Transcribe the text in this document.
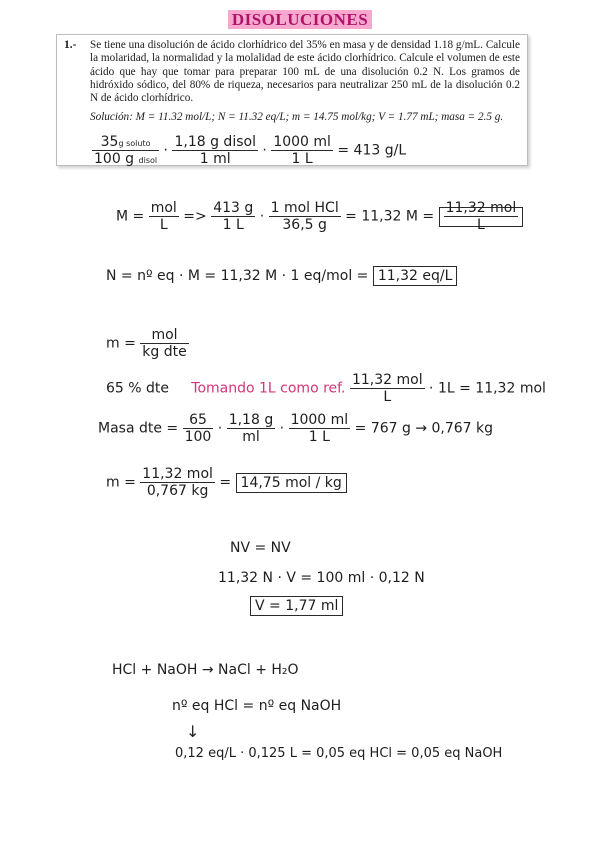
DISOLUCIONES
1.- Se tiene una disolución de ácido clorhídrico del 35% en masa y de densidad 1.18 g/mL. Calcule la molaridad, la normalidad y la molalidad de este ácido clorhídrico. Calcule el volumen de este ácido que hay que tomar para preparar 100 mL de una disolución 0.2 N. Los gramos de hidróxido sódico, del 80% de riqueza, necesarios para neutralizar 250 mL de la disolución 0.2 N de ácido clorhídrico.
Solución: M = 11.32 mol/L; N = 11.32 eq/L; m = 14.75 mol/kg; V = 1.77 mL; masa = 2.5 g.
$\frac{\text{35g soluto}}{\text{100 g disol}} \cdot \frac{\text{1,18 g disol}}{1 ml} \cdot \frac{1000 ml}{1 L} = 413$ g/L
$M = \frac{\text{mol}}{L} => \frac{413 g}{1 L} \cdot \frac{\text{1 mol HCl}}{36,5 g} = 11,32$ $M = \frac{\text{11,32 mol}}{L}$
N = nº eq · M = 11,32 M · 1 eq/mol = 11,32 eq/L
$m = \frac{\text{mol}}{\text{kg dte}}$
65 % dte Tomando 1L como ref. $\frac{\text{11,32 mol}}{L} \cdot 1L = 11,32$ mol
Masa dte = $\frac{65}{100} \cdot \frac{1,18 g}{ml} \cdot \frac{1000 ml}{1 L} = 767$ g → 0,767 kg
$m = \frac{\text{11,32 mol}}{0,767 kg} = 14,75$ mol / kg
NV = NV
11,32 N · V = 100 ml · 0,12 N
V = 1,77 ml
HCl + NaOH → NaCl + H₂O
nº eq HCl = nº eq NaOH
↓
0,12 eq/L · 0,125 L = 0,05 eq HCl = 0,05 eq NaOH
